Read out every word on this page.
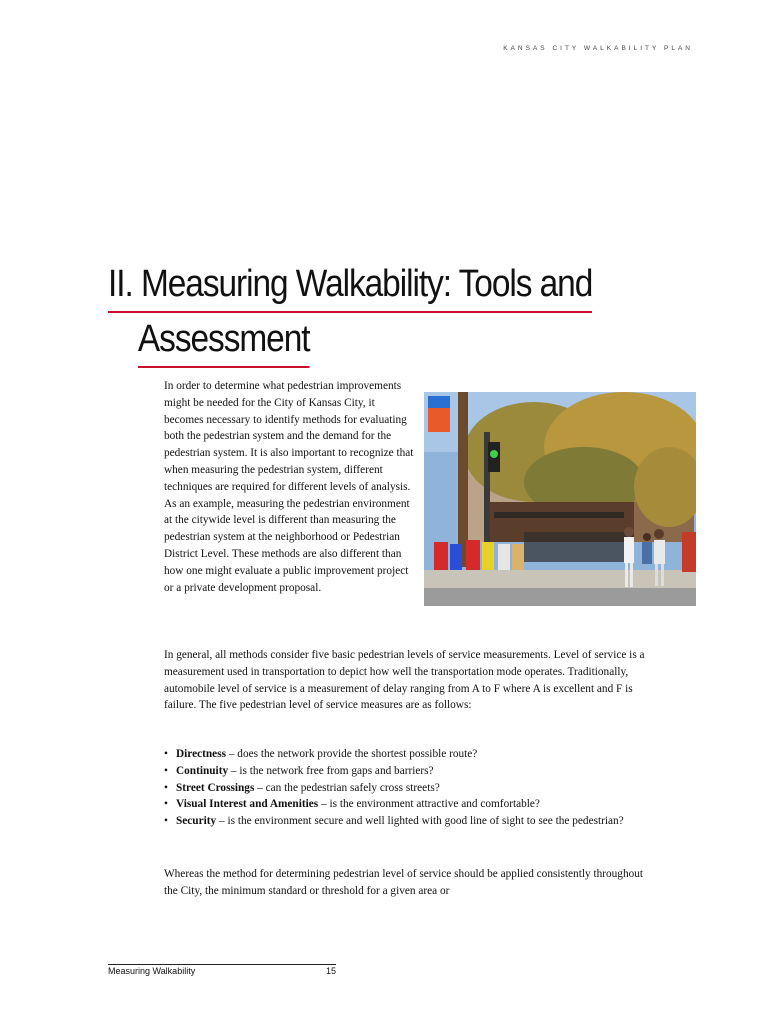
KANSAS CITY WALKABILITY PLAN
II. Measuring Walkability: Tools and
Assessment

In order to determine what pedestrian improvements might be needed for the City of Kansas City, it becomes necessary to identify methods for evaluating both the pedestrian system and the demand for the pedestrian system. It is also important to recognize that when measuring the pedestrian system, different techniques are required for different levels of analysis. As an example, measuring the pedestrian environment at the citywide level is different than measuring the pedestrian system at the neighborhood or Pedestrian District Level. These methods are also different than how one might evaluate a public improvement project or a private development proposal.

In general, all methods consider five basic pedestrian levels of service measurements. Level of service is a measurement used in transportation to depict how well the transportation mode operates. Traditionally, automobile level of service is a measurement of delay ranging from A to F where A is excellent and F is failure. The five pedestrian level of service measures are as follows:

• Directness – does the network provide the shortest possible route?
• Continuity – is the network free from gaps and barriers?
• Street Crossings – can the pedestrian safely cross streets?
• Visual Interest and Amenities – is the environment attractive and comfortable?
• Security – is the environment secure and well lighted with good line of sight to see the pedestrian?

Whereas the method for determining pedestrian level of service should be applied consistently throughout the City, the minimum standard or threshold for a given area or

Measuring Walkability	15
